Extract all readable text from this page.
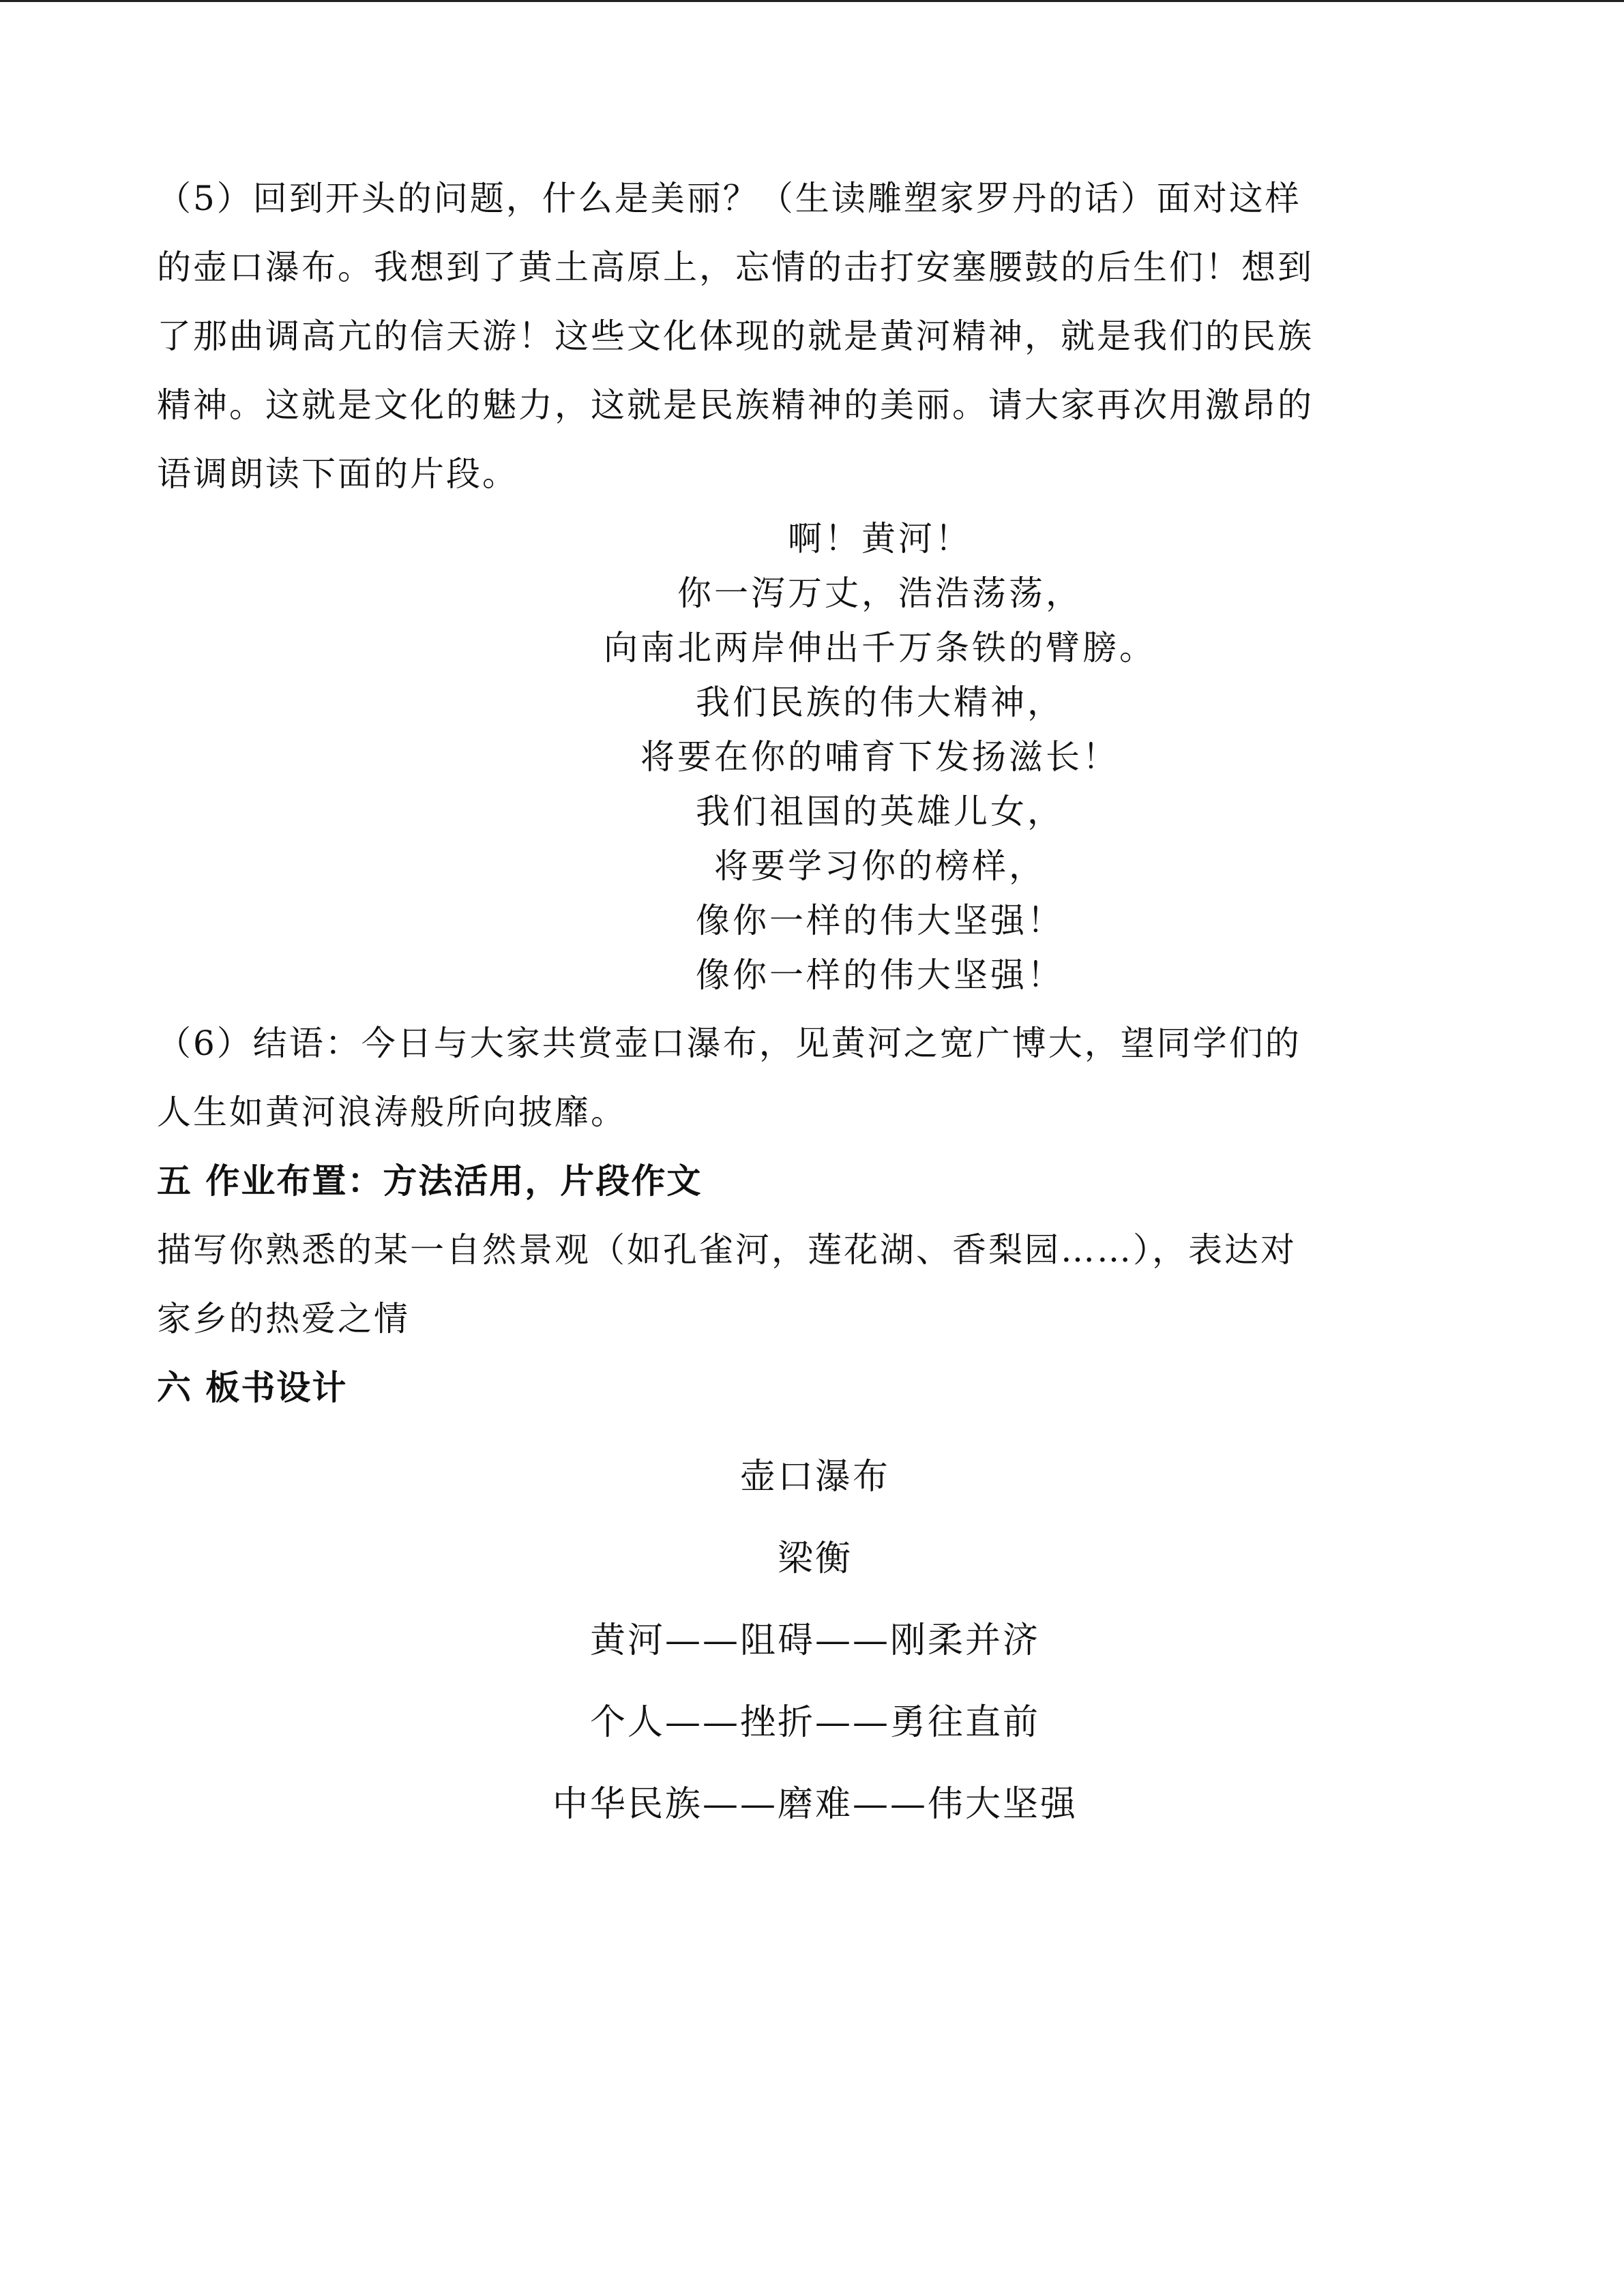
（5）回到开头的问题，什么是美丽？（生读雕塑家罗丹的话）面对这样
的壶口瀑布。我想到了黄土高原上，忘情的击打安塞腰鼓的后生们！想到
了那曲调高亢的信天游！这些文化体现的就是黄河精神，就是我们的民族
精神。这就是文化的魅力，这就是民族精神的美丽。请大家再次用激昂的
语调朗读下面的片段。
啊！黄河！
你一泻万丈，浩浩荡荡，
向南北两岸伸出千万条铁的臂膀。
我们民族的伟大精神，
将要在你的哺育下发扬滋长！
我们祖国的英雄儿女，
将要学习你的榜样，
像你一样的伟大坚强！
像你一样的伟大坚强！
（6）结语：今日与大家共赏壶口瀑布，见黄河之宽广博大，望同学们的
人生如黄河浪涛般所向披靡。
五 作业布置：方法活用，片段作文
描写你熟悉的某一自然景观（如孔雀河，莲花湖、香梨园……），表达对
家乡的热爱之情
六 板书设计
壶口瀑布
梁衡
黄河——阻碍——刚柔并济
个人——挫折——勇往直前
中华民族——磨难——伟大坚强
